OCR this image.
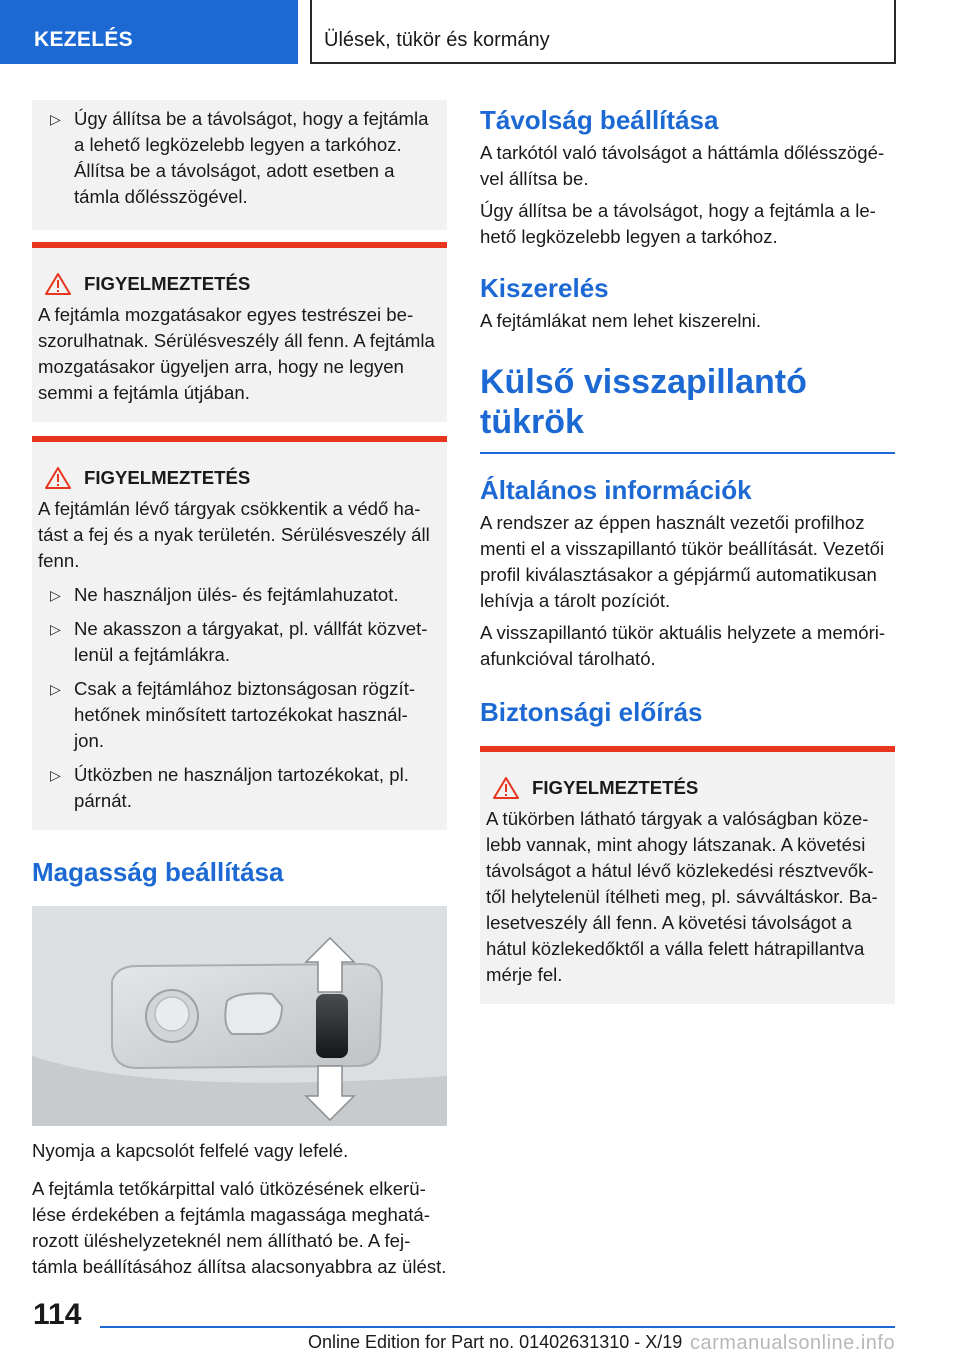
KEZELÉS	Ülések, tükör és kormány
▷ Úgy állítsa be a távolságot, hogy a fejtámla a lehető legközelebb legyen a tarkóhoz. Állítsa be a távolságot, adott esetben a támla dőlésszögével.
FIGYELMEZTETÉS

A fejtámla mozgatásakor egyes testrészei be-szorulhatnak. Sérülésveszély áll fenn. A fejtámla mozgatásakor ügyeljen arra, hogy ne legyen semmi a fejtámla útjában.

FIGYELMEZTETÉS

A fejtámlán lévő tárgyak csökkentik a védő ha-tást a fej és a nyak területén. Sérülésveszély áll fenn.

▷ Ne használjon ülés- és fejtámlahuzatot.
▷ Ne akasszon a tárgyakat, pl. vállfát közvet-lenül a fejtámlákra.
▷ Csak a fejtámlához biztonságosan rögzít-hetőnek minősített tartozékokat használ-jon.
▷ Útközben ne használjon tartozékokat, pl. párnát.
Magasság beállítása

Nyomja a kapcsolót felfelé vagy lefelé.

A fejtámla tetőkárpittal való ütközésének elkerü-lése érdekében a fejtámla magassága meghatá-rozott üléshelyzeteknél nem állítható be. A fej-támla beállításához állítsa alacsonyabbra az ülést.

Távolság beállítása

A tarkótól való távolságot a háttámla dőlésszögé-vel állítsa be.

Úgy állítsa be a távolságot, hogy a fejtámla a le-hető legközelebb legyen a tarkóhoz.

Kiszerelés

A fejtámlákat nem lehet kiszerelni.

Külső visszapillantó tükrök
Általános információk

A rendszer az éppen használt vezetői profilhoz menti el a visszapillantó tükör beállítását. Vezetői profil kiválasztásakor a gépjármű automatikusan lehívja a tárolt pozíciót.

A visszapillantó tükör aktuális helyzete a memóri-afunkcióval tárolható.

Biztonsági előírás
FIGYELMEZTETÉS

A tükörben látható tárgyak a valóságban köze-lebb vannak, mint ahogy látszanak. A követési távolságot a hátul lévő közlekedési résztvevők-től helytelenül ítélheti meg, pl. sávváltáskor. Ba-lesetveszély áll fenn. A követési távolságot a hátul közlekedőktől a válla felett hátrapillantva mérje fel.

114
Online Edition for Part no. 01402631310 - X/19 carmanualsonline.info
